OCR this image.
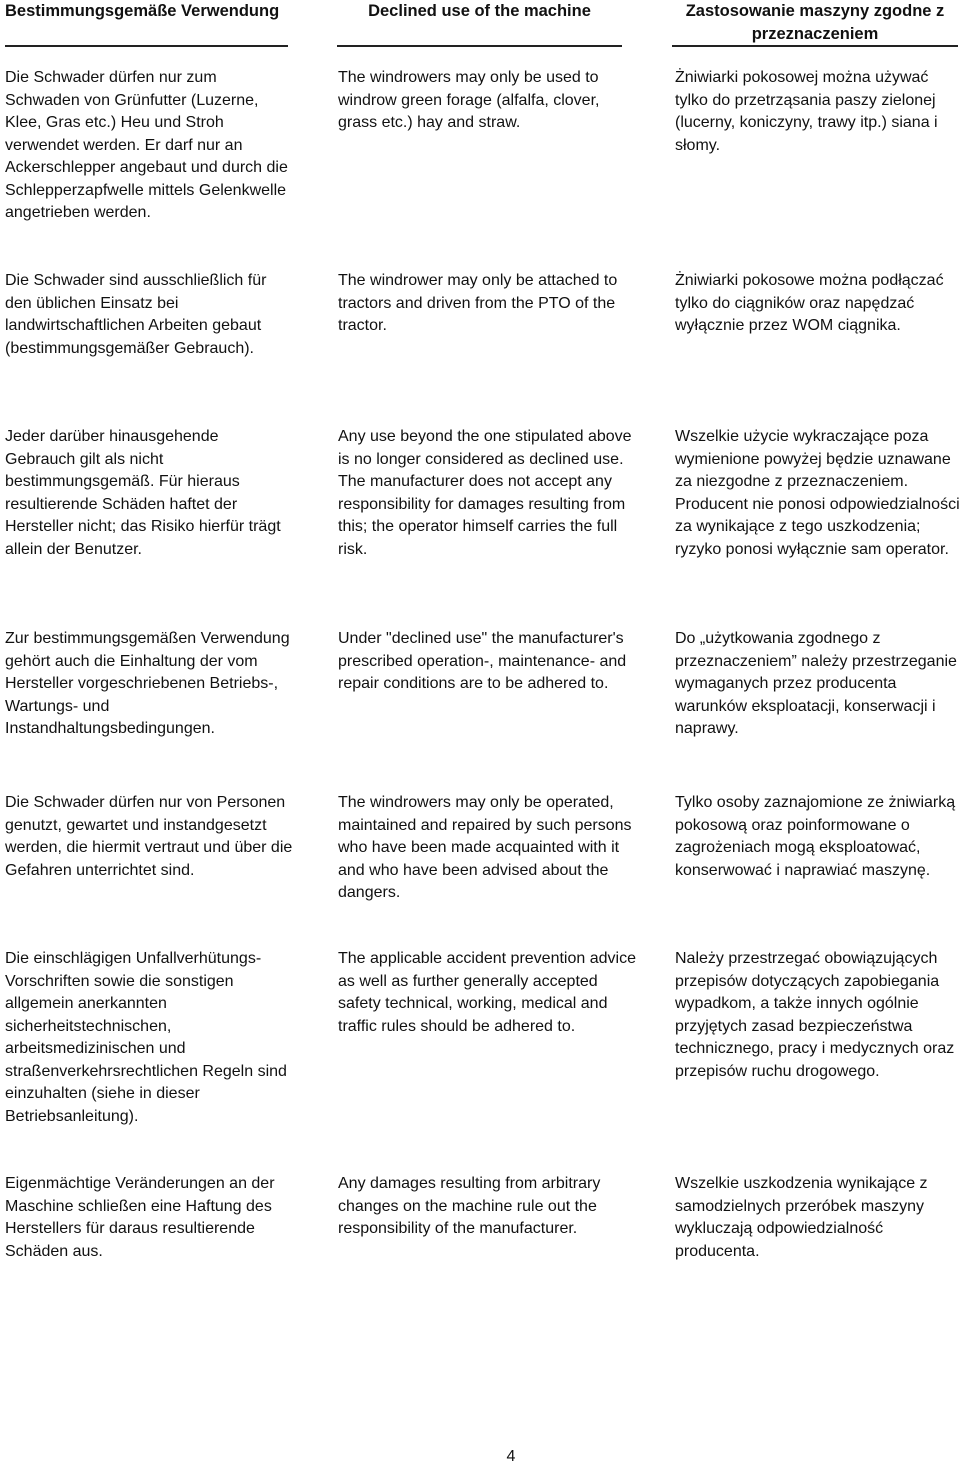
Bestimmungsgemäße Verwendung	Declined use of the machine	Zastosowanie maszyny zgodne z przeznaczeniem

Die Schwader dürfen nur zum Schwaden von Grünfutter (Luzerne, Klee, Gras etc.) Heu und Stroh verwendet werden. Er darf nur an Ackerschlepper angebaut und durch die Schlepperzapfwelle mittels Gelenkwelle angetrieben werden.

The windrowers may only be used to windrow green forage (alfalfa, clover, grass etc.) hay and straw.

Żniwiarki pokosowej można używać tylko do przetrząsania paszy zielonej (lucerny, koniczyny, trawy itp.) siana i słomy.

Die Schwader sind ausschließlich für den üblichen Einsatz bei landwirtschaftlichen Arbeiten gebaut (bestimmungsgemäßer Gebrauch).

The windrower may only be attached to tractors and driven from the PTO of the tractor.

Żniwiarki pokosowe można podłączać tylko do ciągników oraz napędzać wyłącznie przez WOM ciągnika.

Jeder darüber hinausgehende Gebrauch gilt als nicht bestimmungsgemäß. Für hieraus resultierende Schäden haftet der Hersteller nicht; das Risiko hierfür trägt allein der Benutzer.

Any use beyond the one stipulated above is no longer considered as declined use. The manufacturer does not accept any responsibility for damages resulting from this; the operator himself carries the full risk.

Wszelkie użycie wykraczające poza wymienione powyżej będzie uznawane za niezgodne z przeznaczeniem. Producent nie ponosi odpowiedzialności za wynikające z tego uszkodzenia; ryzyko ponosi wyłącznie sam operator.

Zur bestimmungsgemäßen Verwendung gehört auch die Einhaltung der vom Hersteller vorgeschriebenen Betriebs-, Wartungs- und Instandhaltungsbedingungen.

Under "declined use" the manufacturer's prescribed operation-, maintenance- and repair conditions are to be adhered to.

Do „użytkowania zgodnego z przeznaczeniem” należy przestrzeganie wymaganych przez producenta warunków eksploatacji, konserwacji i naprawy.

Die Schwader dürfen nur von Personen genutzt, gewartet und instandgesetzt werden, die hiermit vertraut und über die Gefahren unterrichtet sind.

The windrowers may only be operated, maintained and repaired by such persons who have been made acquainted with it and who have been advised about the dangers.

Tylko osoby zaznajomione ze żniwiarką pokosową oraz poinformowane o zagrożeniach mogą eksploatować, konserwować i naprawiać maszynę.

Die einschlägigen Unfallverhütungs-Vorschriften sowie die sonstigen allgemein anerkannten sicherheitstechnischen, arbeitsmedizinischen und straßenverkehrsrechtlichen Regeln sind einzuhalten (siehe in dieser Betriebsanleitung).

The applicable accident prevention advice as well as further generally accepted safety technical, working, medical and traffic rules should be adhered to.

Należy przestrzegać obowiązujących przepisów dotyczących zapobiegania wypadkom, a także innych ogólnie przyjętych zasad bezpieczeństwa technicznego, pracy i medycznych oraz przepisów ruchu drogowego.

Eigenmächtige Veränderungen an der Maschine schließen eine Haftung des Herstellers für daraus resultierende Schäden aus.

Any damages resulting from arbitrary changes on the machine rule out the responsibility of the manufacturer.

Wszelkie uszkodzenia wynikające z samodzielnych przeróbek maszyny wykluczają odpowiedzialność producenta.

4
